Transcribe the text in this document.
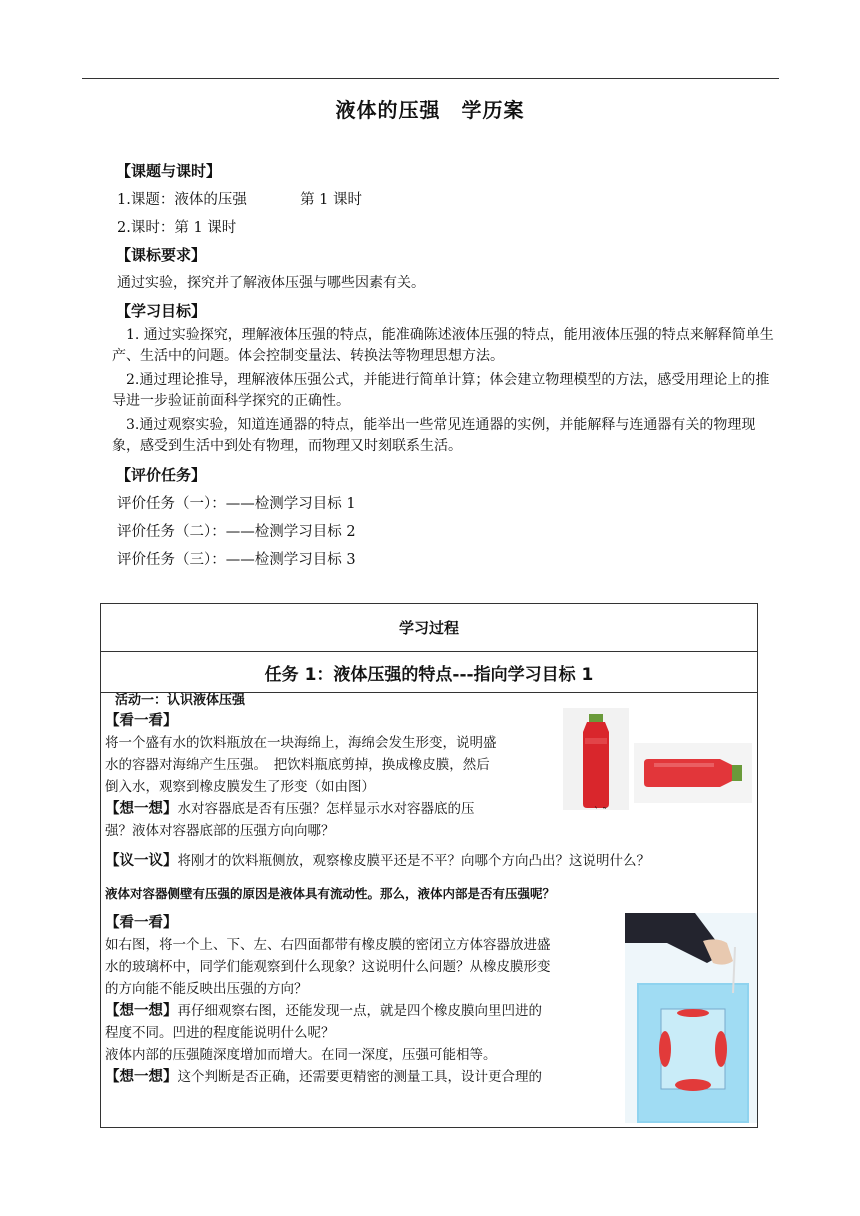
液体的压强　学历案
【课题与课时】
1.课题：液体的压强	第 1 课时
2.课时：第 1 课时
【课标要求】
通过实验，探究并了解液体压强与哪些因素有关。
【学习目标】
1. 通过实验探究，理解液体压强的特点，能准确陈述液体压强的特点，能用液体压强的特点来解释简单生产、生活中的问题。体会控制变量法、转换法等物理思想方法。
2.通过理论推导，理解液体压强公式，并能进行简单计算；体会建立物理模型的方法，感受用理论上的推导进一步验证前面科学探究的正确性。
3.通过观察实验，知道连通器的特点，能举出一些常见连通器的实例，并能解释与连通器有关的物理现象，感受到生活中到处有物理，而物理又时刻联系生活。
【评价任务】
评价任务（一）：——检测学习目标 1
评价任务（二）：——检测学习目标 2
评价任务（三）：——检测学习目标 3
学习过程
任务 1：液体压强的特点---指向学习目标 1

活动一：认识液体压强
【看一看】
将一个盛有水的饮料瓶放在一块海绵上，海绵会发生形变，说明盛
水的容器对海绵产生压强。　把饮料瓶底剪掉，换成橡皮膜，然后
倒入水，观察到橡皮膜发生了形变（如由图）
【想一想】水对容器底是否有压强？怎样显示水对容器底的压
强？液体对容器底部的压强方向向哪？
` ˜
【议一议】将刚才的饮料瓶侧放，观察橡皮膜平还是不平？向哪个方向凸出？这说明什么？
液体对容器侧壁有压强的原因是液体具有流动性。那么，液体内部是否有压强呢？
【看一看】
如右图，将一个上、下、左、右四面都带有橡皮膜的密闭立方体容器放进盛
水的玻璃杯中，同学们能观察到什么现象？这说明什么问题？从橡皮膜形变
的方向能不能反映出压强的方向？
【想一想】再仔细观察右图，还能发现一点，就是四个橡皮膜向里凹进的
程度不同。凹进的程度能说明什么呢？
液体内部的压强随深度增加而增大。在同一深度，压强可能相等。
【想一想】这个判断是否正确，还需要更精密的测量工具，设计更合理的
